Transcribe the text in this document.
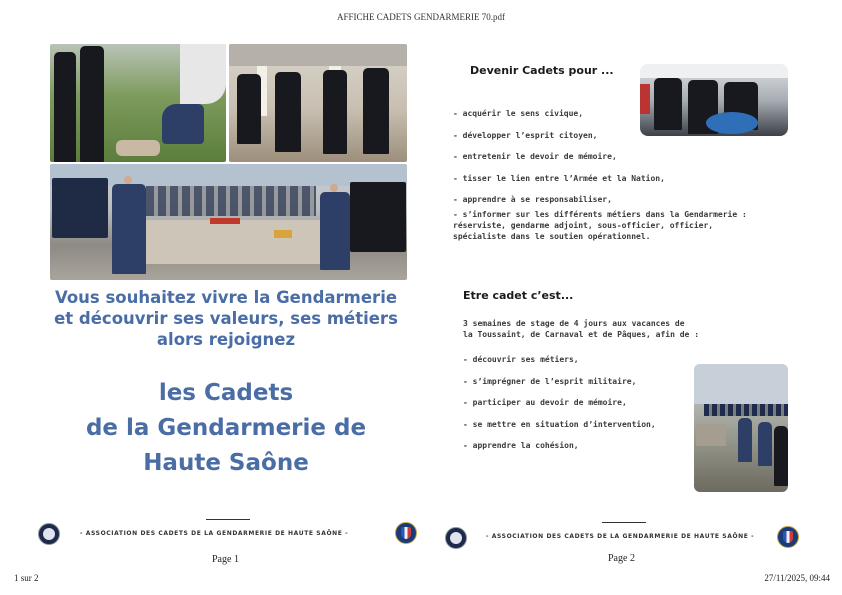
AFFICHE CADETS GENDARMERIE 70.pdf
1 sur 2	27/11/2025, 09:44
Vous souhaitez vivre la Gendarmerie
et découvrir ses valeurs, ses métiers
alors rejoignez
les Cadets
de la Gendarmerie de
Haute Saône
- ASSOCIATION DES CADETS DE LA GENDARMERIE DE HAUTE SAÔNE -
Page 1
Devenir Cadets pour ...
- acquérir le sens civique,
- développer l’esprit citoyen,
- entretenir le devoir de mémoire,
- tisser le lien entre l’Armée et la Nation,
- apprendre à se responsabiliser,
- s’informer sur les différents métiers dans la Gendarmerie :
réserviste, gendarme adjoint, sous-officier, officier,
spécialiste dans le soutien opérationnel.
Etre cadet c’est...
3 semaines de stage de 4 jours aux vacances de
la Toussaint, de Carnaval et de Pâques, afin de :
- découvrir ses métiers,
- s’imprégner de l’esprit militaire,
- participer au devoir de mémoire,
- se mettre en situation d’intervention,
- apprendre la cohésion,
- ASSOCIATION DES CADETS DE LA GENDARMERIE DE HAUTE SAÔNE -
Page 2
